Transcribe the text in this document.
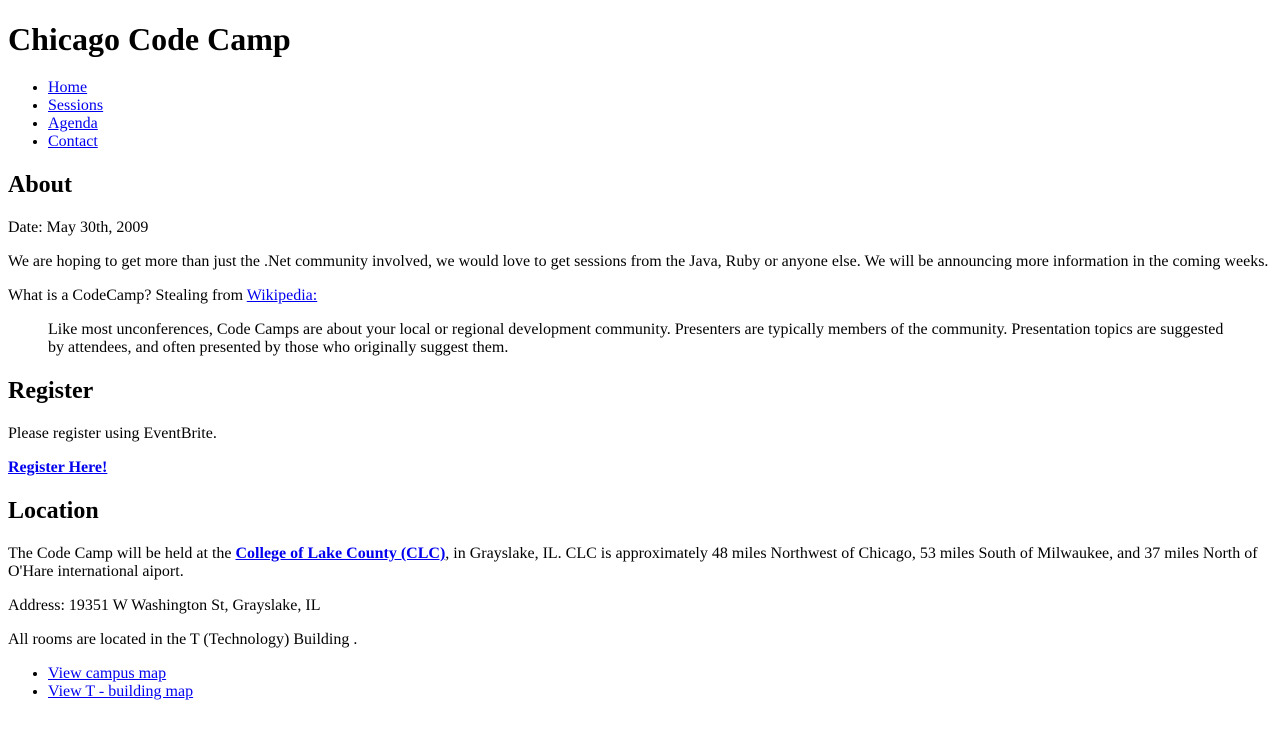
Chicago Code Camp
• Home
• Sessions
• Agenda
• Contact
About

Date: May 30th, 2009

We are hoping to get more than just the .Net community involved, we would love to get sessions from the Java, Ruby or anyone else. We will be announcing more information in the coming weeks.

What is a CodeCamp? Stealing from Wikipedia:

Like most unconferences, Code Camps are about your local or regional development community. Presenters are typically members of the community. Presentation topics are suggested by attendees, and often presented by those who originally suggest them.
Register

Please register using EventBrite.

Register Here!

Location

The Code Camp will be held at the College of Lake County (CLC), in Grayslake, IL. CLC is approximately 48 miles Northwest of Chicago, 53 miles South of Milwaukee, and 37 miles North of O'Hare international aiport.

Address: 19351 W Washington St, Grayslake, IL

All rooms are located in the T (Technology) Building .

• View campus map
• View T - building map
